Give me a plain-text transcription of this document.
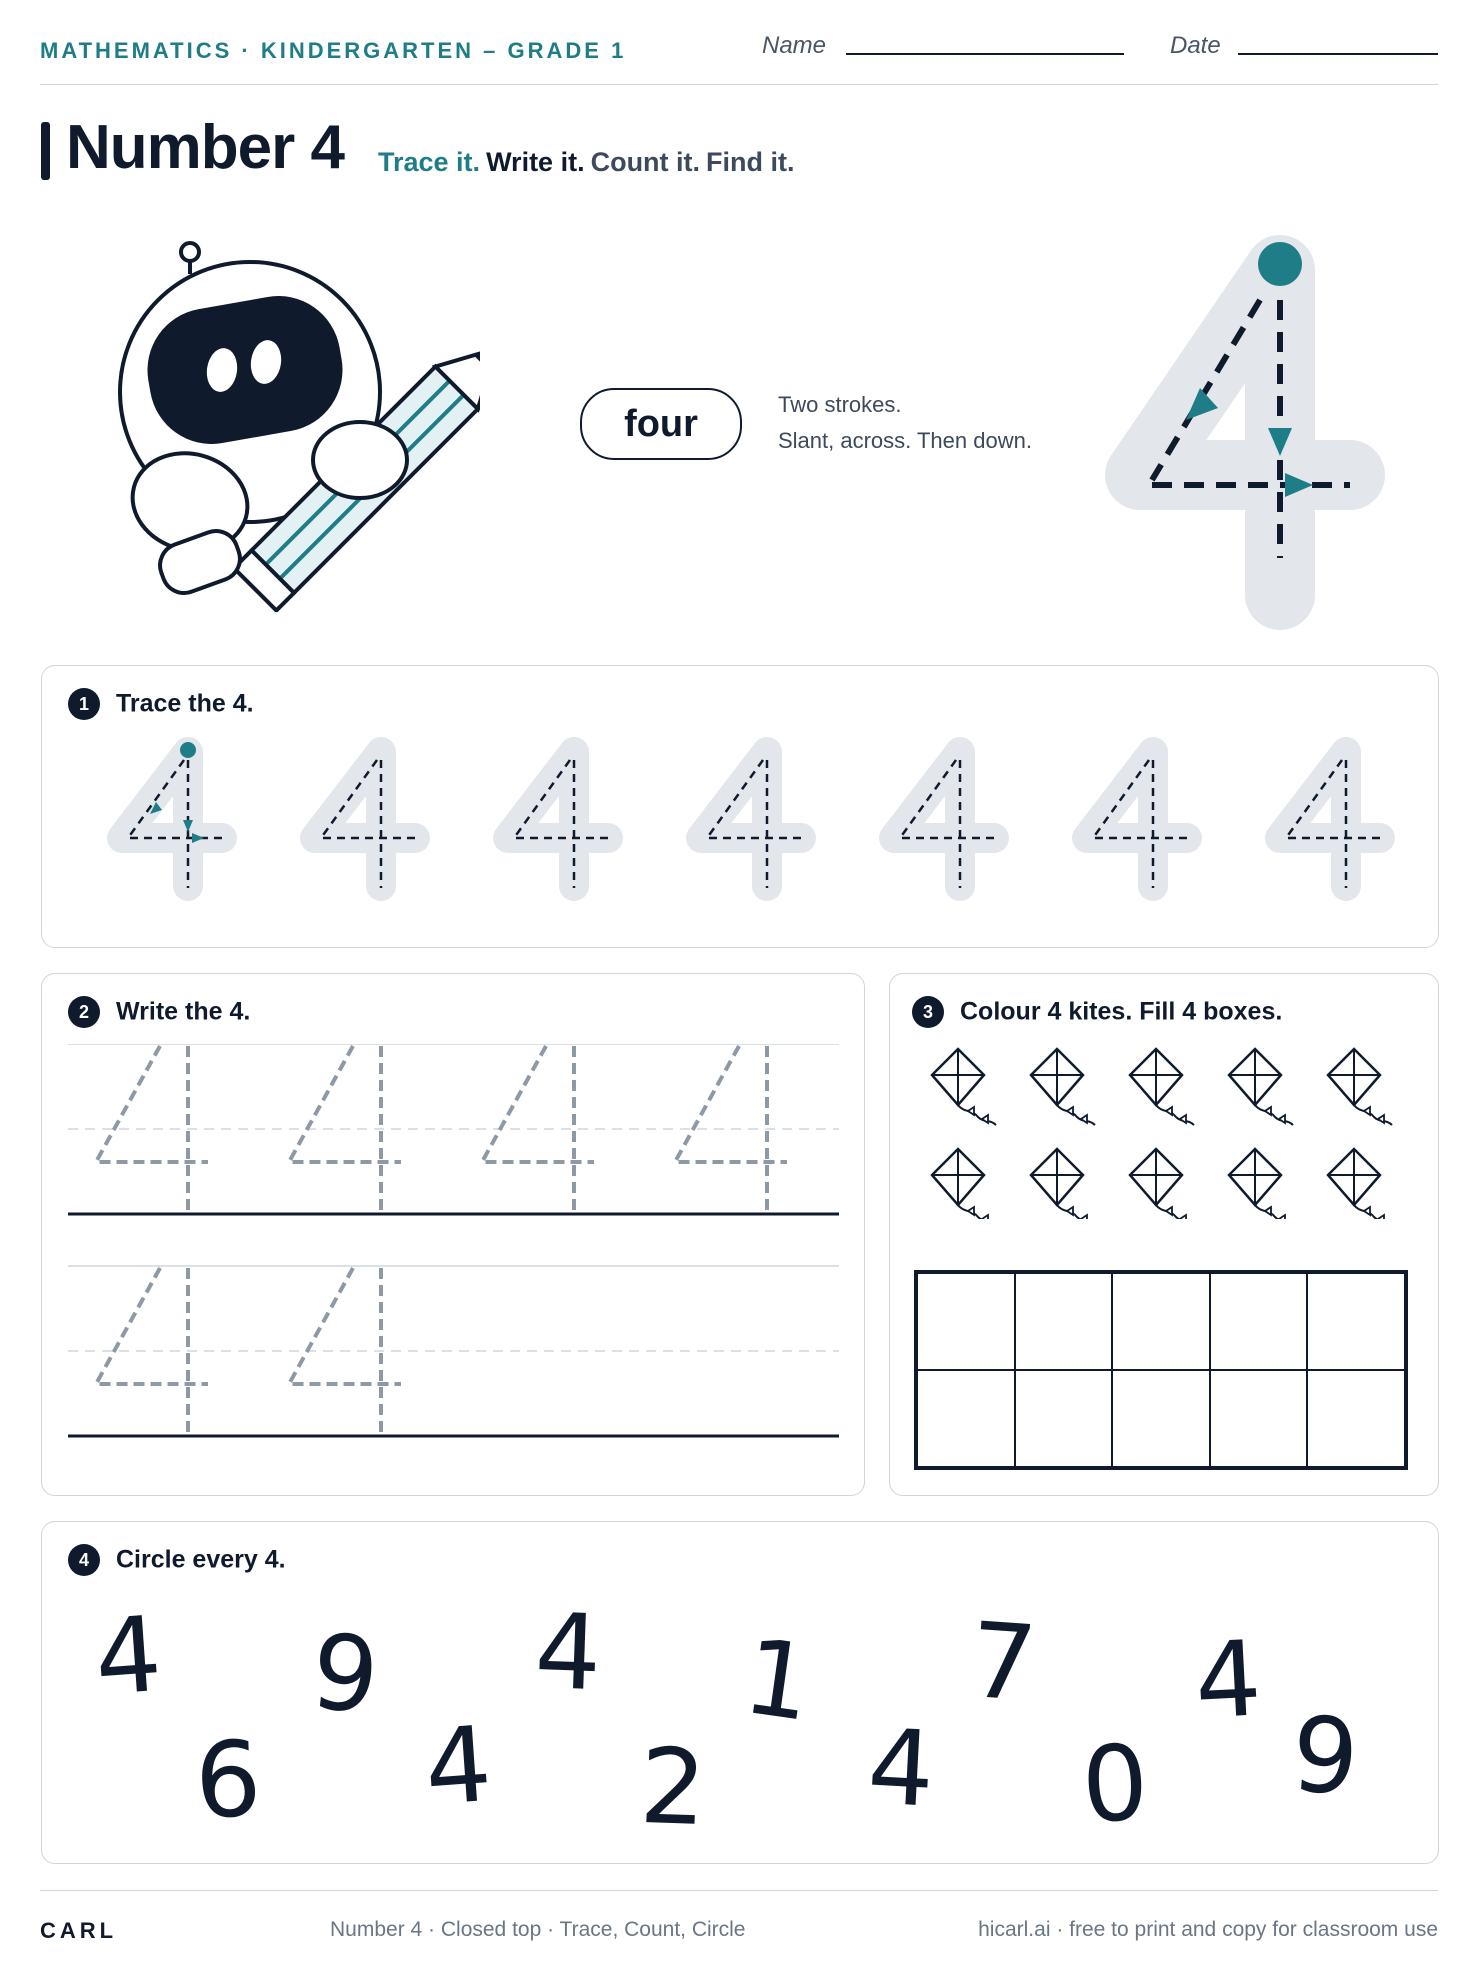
MATHEMATICS · KINDERGARTEN – GRADE 1	Name	Date
Number 4 Trace it. Write it. Count it. Find it.
four	Two strokes.
Slant, across. Then down.
1 Trace the 4.
2 Write the 4.	3 Colour 4 kites. Fill 4 boxes.
4 Circle every 4.
4 9 4 1 7 4
6 4 2 4 0 9
CARL	Number 4 · Closed top · Trace, Count, Circle	hicarl.ai · free to print and copy for classroom use
